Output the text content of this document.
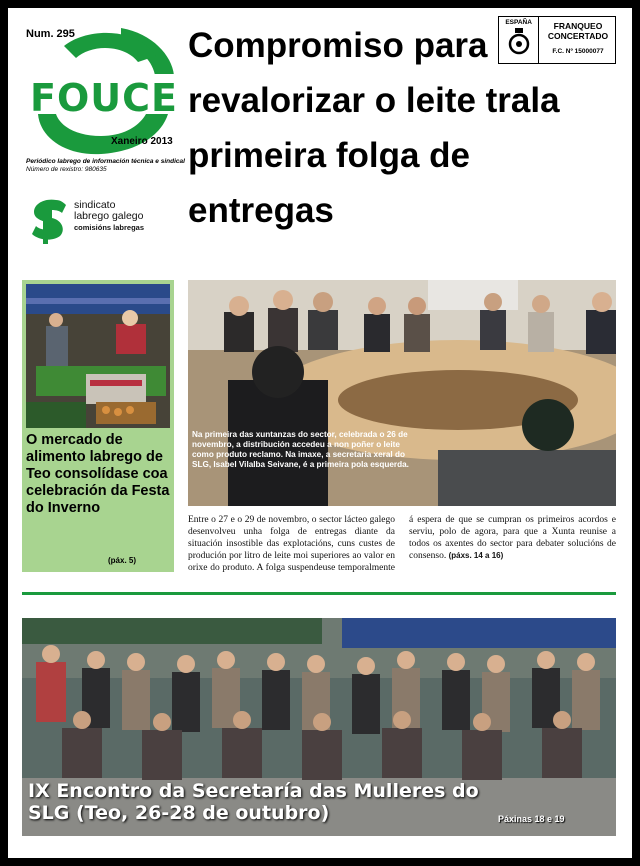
Num. 295
FOUCE
Xaneiro 2013
Periódico labrego de información técnica e sindical
Número de rexistro: 980635
sindicato
labrego galego
comisións labregas
Compromiso para revalorizar o leite trala primeira folga de entregas
ESPAÑA	FRANQUEO
CONCERTADO
F.C. Nº 15000077
O mercado de alimento labrego de Teo consolídase coa celebración da Festa do Inverno
(páx. 5)
Na primeira das xuntanzas do sector, celebrada o 26 de novembro, a distribución accedeu a non poñer o leite como produto reclamo. Na imaxe, a secretaria xeral do SLG, Isabel Vilalba Seivane, é a primeira pola esquerda.
Entre o 27 e o 29 de novembro, o sector lácteo galego desenvolveu unha folga de entregas diante da situación insostible das explotacións, cuns custes de produción por litro de leite moi superiores ao valor en orixe do produto. A folga suspendeuse temporalmente á espera de que se cumpran os primeiros acordos e serviu, polo de agora, para que a Xunta reunise a todos os axentes do sector para debater solucións de consenso. (páxs. 14 a 16)
IX Encontro da Secretaría das Mulleres do SLG (Teo, 26-28 de outubro)	Páxinas 18 e 19
